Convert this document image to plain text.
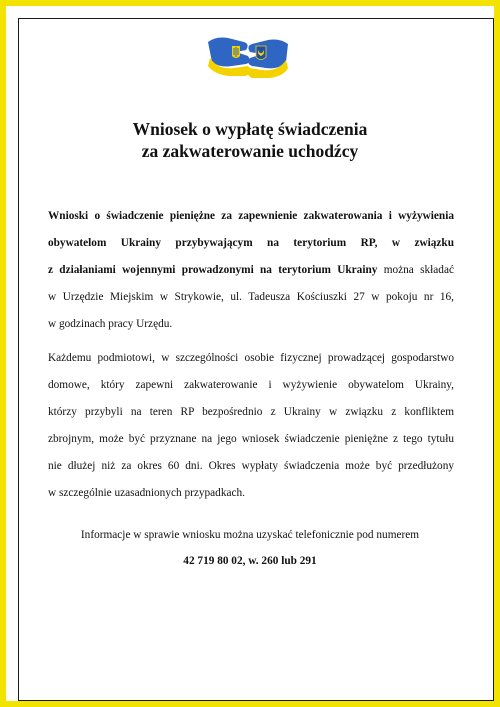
Wniosek o wypłatę świadczenia
za zakwaterowanie uchodźcy
Wnioski o świadczenie pieniężne za zapewnienie zakwaterowania i wyżywienia
obywatelom Ukrainy przybywającym na terytorium RP, w związku
z działaniami wojennymi prowadzonymi na terytorium Ukrainy można składać
w Urzędzie Miejskim w Strykowie, ul. Tadeusza Kościuszki 27 w pokoju nr 16,
w godzinach pracy Urzędu.
Każdemu podmiotowi, w szczególności osobie fizycznej prowadzącej gospodarstwo
domowe, który zapewni zakwaterowanie i wyżywienie obywatelom Ukrainy,
którzy przybyli na teren RP bezpośrednio z Ukrainy w związku z konfliktem
zbrojnym, może być przyznane na jego wniosek świadczenie pieniężne z tego tytułu
nie dłużej niż za okres 60 dni. Okres wypłaty świadczenia może być przedłużony
w szczególnie uzasadnionych przypadkach.
Informacje w sprawie wniosku można uzyskać telefonicznie pod numerem
42 719 80 02, w. 260 lub 291
